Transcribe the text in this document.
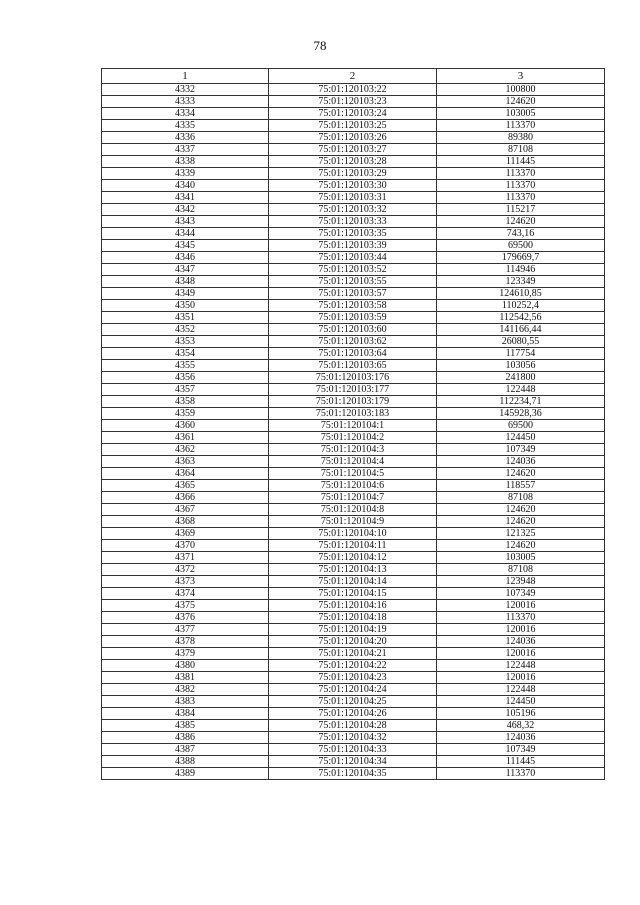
78
1	2	3
4332	75:01:120103:22	100800
4333	75:01:120103:23	124620
4334	75:01:120103:24	103005
4335	75:01:120103:25	113370
4336	75:01:120103:26	89380
4337	75:01:120103:27	87108
4338	75:01:120103:28	111445
4339	75:01:120103:29	113370
4340	75:01:120103:30	113370
4341	75:01:120103:31	113370
4342	75:01:120103:32	115217
4343	75:01:120103:33	124620
4344	75:01:120103:35	743,16
4345	75:01:120103:39	69500
4346	75:01:120103:44	179669,7
4347	75:01:120103:52	114946
4348	75:01:120103:55	123349
4349	75:01:120103:57	124610,85
4350	75:01:120103:58	110252,4
4351	75:01:120103:59	112542,56
4352	75:01:120103:60	141166,44
4353	75:01:120103:62	26080,55
4354	75:01:120103:64	117754
4355	75:01:120103:65	103056
4356	75:01:120103:176	241800
4357	75:01:120103:177	122448
4358	75:01:120103:179	112234,71
4359	75:01:120103:183	145928,36
4360	75:01:120104:1	69500
4361	75:01:120104:2	124450
4362	75:01:120104:3	107349
4363	75:01:120104:4	124036
4364	75:01:120104:5	124620
4365	75:01:120104:6	118557
4366	75:01:120104:7	87108
4367	75:01:120104:8	124620
4368	75:01:120104:9	124620
4369	75:01:120104:10	121325
4370	75:01:120104:11	124620
4371	75:01:120104:12	103005
4372	75:01:120104:13	87108
4373	75:01:120104:14	123948
4374	75:01:120104:15	107349
4375	75:01:120104:16	120016
4376	75:01:120104:18	113370
4377	75:01:120104:19	120016
4378	75:01:120104:20	124036
4379	75:01:120104:21	120016
4380	75:01:120104:22	122448
4381	75:01:120104:23	120016
4382	75:01:120104:24	122448
4383	75:01:120104:25	124450
4384	75:01:120104:26	105196
4385	75:01:120104:28	468,32
4386	75:01:120104:32	124036
4387	75:01:120104:33	107349
4388	75:01:120104:34	111445
4389	75:01:120104:35	113370
